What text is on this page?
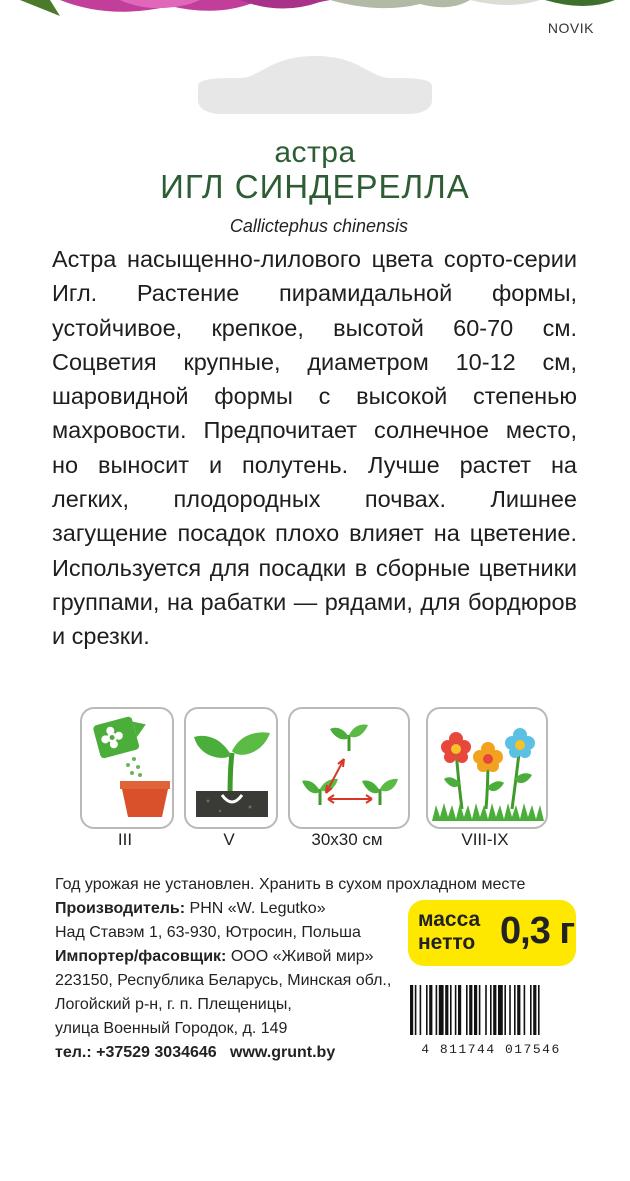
NOVIK
астра
ИГЛ СИНДЕРЕЛЛА
Callictephus chinensis
Астра насыщенно-лилового цвета сорто-серии Игл. Растение пирамидальной формы, устойчивое, крепкое, высотой 60-70 см. Соцветия крупные, диаметром 10-12 см, шаровидной формы с высокой степенью махровости. Предпочитает солнечное место, но выносит и полутень. Лучше растет на легких, плодородных почвах. Лишнее загущение посадок плохо влияет на цветение. Используется для посадки в сборные цветники группами, на рабатки — рядами, для бордюров и срезки.
III	V	30х30 см	VIII-IX
Год урожая не установлен. Хранить в сухом прохладном месте
Производитель: PHN «W. Legutko»
Над Ставэм 1, 63-930, Ютросин, Польша
Импортер/фасовщик: ООО «Живой мир»
223150, Республика Беларусь, Минская обл.,
Логойский р-н, г. п. Плещеницы,
улица Военный Городок, д. 149
тел.: +37529 3034646 www.grunt.by
масса
нетто 0,3 г
4 811744 017546
